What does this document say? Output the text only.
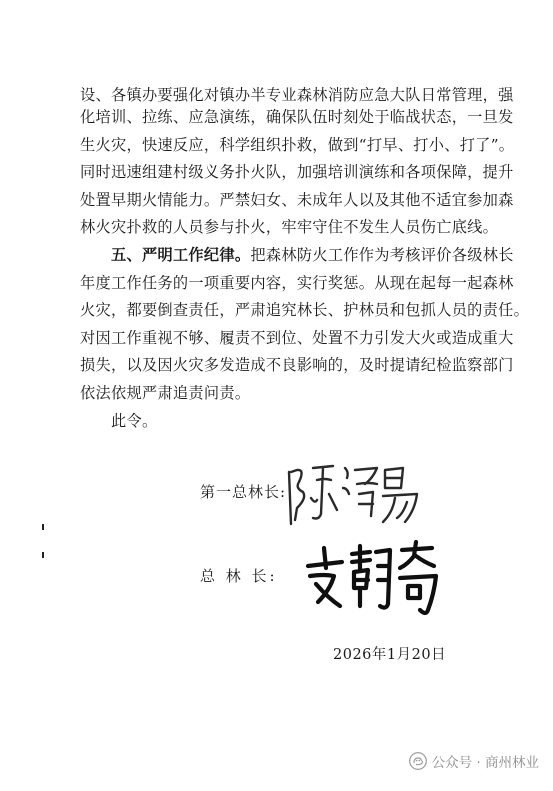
设、各镇办要强化对镇办半专业森林消防应急大队日常管理，强
化培训、拉练、应急演练，确保队伍时刻处于临战状态，一旦发
生火灾，快速反应，科学组织扑救，做到“打早、打小、打了”。
同时迅速组建村级义务扑火队，加强培训演练和各项保障，提升
处置早期火情能力。严禁妇女、未成年人以及其他不适宜参加森
林火灾扑救的人员参与扑火，牢牢守住不发生人员伤亡底线。
五、严明工作纪律。把森林防火工作作为考核评价各级林长
年度工作任务的一项重要内容，实行奖惩。从现在起每一起森林
火灾，都要倒查责任，严肃追究林长、护林员和包抓人员的责任。
对因工作重视不够、履责不到位、处置不力引发大火或造成重大
损失，以及因火灾多发造成不良影响的，及时提请纪检监察部门
依法依规严肃追责问责。
此令。
第一总林长:
总 林 长:
2026年1月20日
公众号 · 商州林业
